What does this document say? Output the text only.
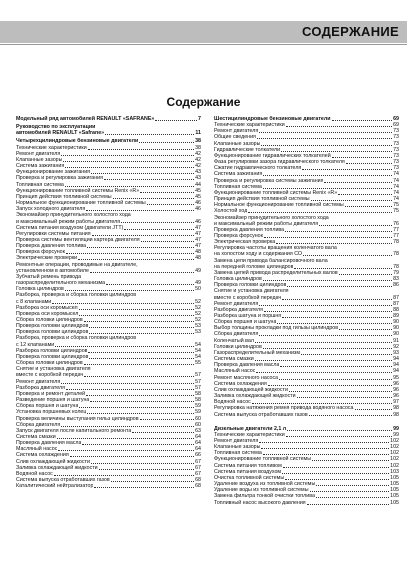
СОДЕРЖАНИЕ
Содержание
Модельный ряд автомобилей RENAULT «SAFRANE»	7
Руководство по эксплуатации
автомобилей RENAULT «Safrane»	11
Четырехцилиндровые бензиновые двигатели	38
Технические характеристики	38
Ремонт двигателя	42
Клапанные зазоры	42
Система зажигания	42
Функционирование зажигания	43
Проверка и регулировка зажигания	43
Топливная система	44
Функционирование топливной системы Renix «R»	45
Принцип действия топливной системы	45
Нормальное функционирование топливной системы	46
Запуск холодного двигателя	46
Экономайзер принудительного холостого хода
и максимальный режим работы двигателя	46
Система питания воздухом (двигатели JTT)	47
Регулировки системы питания	47
Проверка системы вентиляции картера двигателя	47
Проверка давления топлива	47
Проверка форсунок	48
Электрические проверки	48
Ремонтные операции, проводимые на двигателе,
установленном в автомобиле	49
Зубчатый ремень привода
газораспределительного механизма	49
Головка цилиндров	50
Разборка, проверка и сборка головки цилиндров
с 8 клапанами	52
Разборка оси коромысел	52
Проверка оси коромысел	52
Сборка головки цилиндров	52
Проверка головки цилиндров	53
Проверка головки цилиндров	53
Разборка, проверка и сборка головки цилиндров
с 12 клапанами	54
Разборка головки цилиндров	54
Проверка головки цилиндров	54
Сборка головки цилиндров	55
Снятие и установка двигателя
вместе с коробкой передач	57
Ремонт двигателя	57
Разборка двигателя	57
Проверка и ремонт деталей	58
Разведение поршня и шатуна	58
Сборка поршня и шатуна	59
Установка поршневых колец	59
Проверка величины выступания гильз цилиндров	60
Сборка двигателя	60
Запуск двигателя после капитального ремонта	63
Система смазки	64
Проверка давления масла	64
Масляный насос	64
Система охлаждения	66
Слив охлаждающей жидкости	67
Заливка охлаждающей жидкости	67
Водяной насос	67
Система выпуска отработавших газов	68
Каталитический нейтрализатор	68
Шестицилиндровые бензиновые двигатели	69
Технические характеристики	69
Ремонт двигателя	73
Общие сведения	73
Клапанные зазоры	73
Гидравлические толкатели	73
Функционирование гидравлических толкателей	73
Фаза регулировки зазора гидравлического толкателя	73
Сжатие гидравлического толкателя	73
Система зажигания	74
Проверка и регулировка системы зажигания	74
Топливная система	74
Функционирование топливной системы Renix «R»	74
Принцип действия топливной системы	74
Нормальное функционирование топливной системы	75
Холостой ход	75
Экономайзер принудительного холостого хода
и максимальный режим работы двигателя	76
Проверка давления топлива	77
Проверка форсунок	77
Электрическая проверка	78
Регулировка частоты вращения коленчатого вала
на холостом ходу и содержания СО	78
Замена цепи привода балансировочного вала
на передней головке цилиндров	78
Замена цепей привода распределительных валов	79
Головка цилиндров	83
Проверка головки цилиндров	86
Снятие и установка двигателя
вместе с коробкой передач	87
Ремонт двигателя	87
Разборка двигателя	88
Разборка шатуна и поршня	89
Сборка поршня и шатуна	90
Выбор толщины прокладки под гильзы цилиндров	90
Сборка двигателя	90
Коленчатый вал	91
Головки цилиндров	92
Газораспределительный механизм	93
Система смазки	94
Проверка давления масла	94
Масляный насос	94
Ремонт масляного насоса	95
Система охлаждения	96
Слив охлаждающей жидкости	96
Заливка охлаждающей жидкости	96
Водяной насос	97
Регулировка натяжения ремня привода водяного насоса	98
Система выпуска отработавших газов	98
Дизельные двигатели 2,1 л	99
Технические характеристики	99
Ремонт двигателя	102
Клапанные зазоры	102
Топливная система	102
Функционирование топливной системы	102
Система питания топливом	102
Система питания воздухом	103
Очистка топливной системы	105
Удаление воздуха из топливной системы	105
Удаление воды из топливной системы	105
Замена фильтра тонкой очистки топлива	105
Топливный насос высокого давления	105
